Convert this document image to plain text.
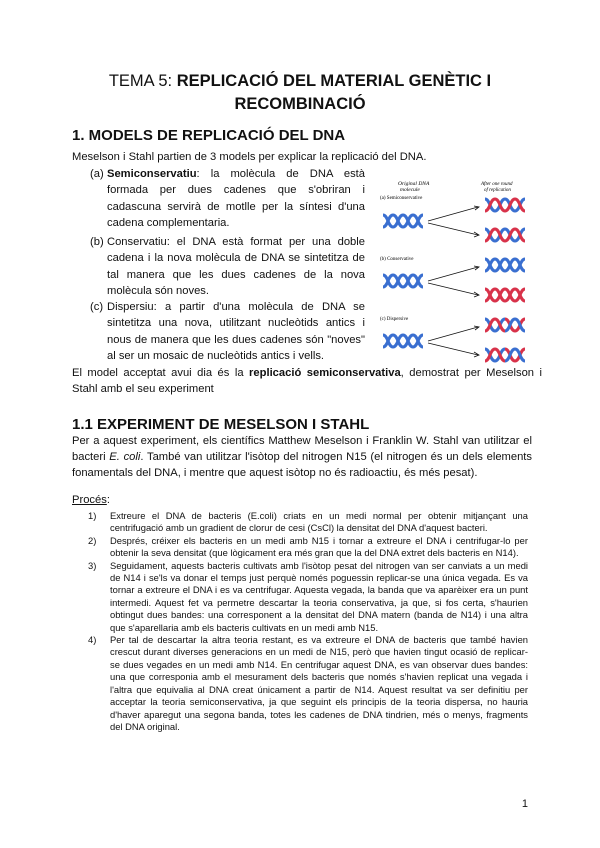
TEMA 5: REPLICACIÓ DEL MATERIAL GENÈTIC I RECOMBINACIÓ
1. MODELS DE REPLICACIÓ DEL DNA
Meselson i Stahl partien de 3 models per explicar la replicació del DNA.
(a) Semiconservatiu: la molècula de DNA està formada per dues cadenes que s'obriran i cadascuna servirà de motlle per la síntesi d'una cadena complementaria.
(b) Conservatiu: el DNA està format per una doble cadena i la nova molècula de DNA se sintetitza de tal manera que les dues cadenes de la nova molècula són noves.
(c) Dispersiu: a partir d'una molècula de DNA se sintetitza una nova, utilitzant nucleòtids antics i nous de manera que les dues cadenes són "noves" al ser un mosaic de nucleòtids antics i vells.
Original DNA
molecule
After one round
of replication
(a) Semiconservative
(b) Conservative
(c) Dispersive
El model acceptat avui dia és la replicació semiconservativa, demostrat per Meselson i Stahl amb el seu experiment
1.1 EXPERIMENT DE MESELSON I STAHL
Per a aquest experiment, els científics Matthew Meselson i Franklin W. Stahl van utilitzar el bacteri E. coli. També van utilitzar l'isòtop del nitrogen N15 (el nitrogen és un dels elements fonamentals del DNA, i mentre que aquest isòtop no és radioactiu, és més pesat).
Procés:
1) Extreure el DNA de bacteris (E.coli) criats en un medi normal per obtenir mitjançant una centrifugació amb un gradient de clorur de cesi (CsCl) la densitat del DNA d'aquest bacteri.
2) Després, créixer els bacteris en un medi amb N15 i tornar a extreure el DNA i centrifugar-lo per obtenir la seva densitat (que lògicament era més gran que la del DNA extret dels bacteris en N14).
3) Seguidament, aquests bacteris cultivats amb l'isòtop pesat del nitrogen van ser canviats a un medi de N14 i se'ls va donar el temps just perquè només poguessin replicar-se una única vegada. Es va tornar a extreure el DNA i es va centrifugar. Aquesta vegada, la banda que va aparèixer era un punt intermedi. Aquest fet va permetre descartar la teoria conservativa, ja que, si fos certa, s'haurien obtingut dues bandes: una corresponent a la densitat del DNA matern (banda de N14) i una altra que s'aparellaria amb els bacteris cultivats en un medi amb N15.
4) Per tal de descartar la altra teoria restant, es va extreure el DNA de bacteris que també havien crescut durant diverses generacions en un medi de N15, però que havien tingut ocasió de replicar-se dues vegades en un medi amb N14. En centrifugar aquest DNA, es van observar dues bandes: una que corresponia amb el mesurament dels bacteris que només s'havien replicat una vegada i l'altra que equivalia al DNA creat únicament a partir de N14. Aquest resultat va ser definitiu per acceptar la teoria semiconservativa, ja que seguint els principis de la teoria dispersa, no hauria d'haver aparegut una segona banda, totes les cadenes de DNA tindrien, més o menys, fragments del DNA original.
1
